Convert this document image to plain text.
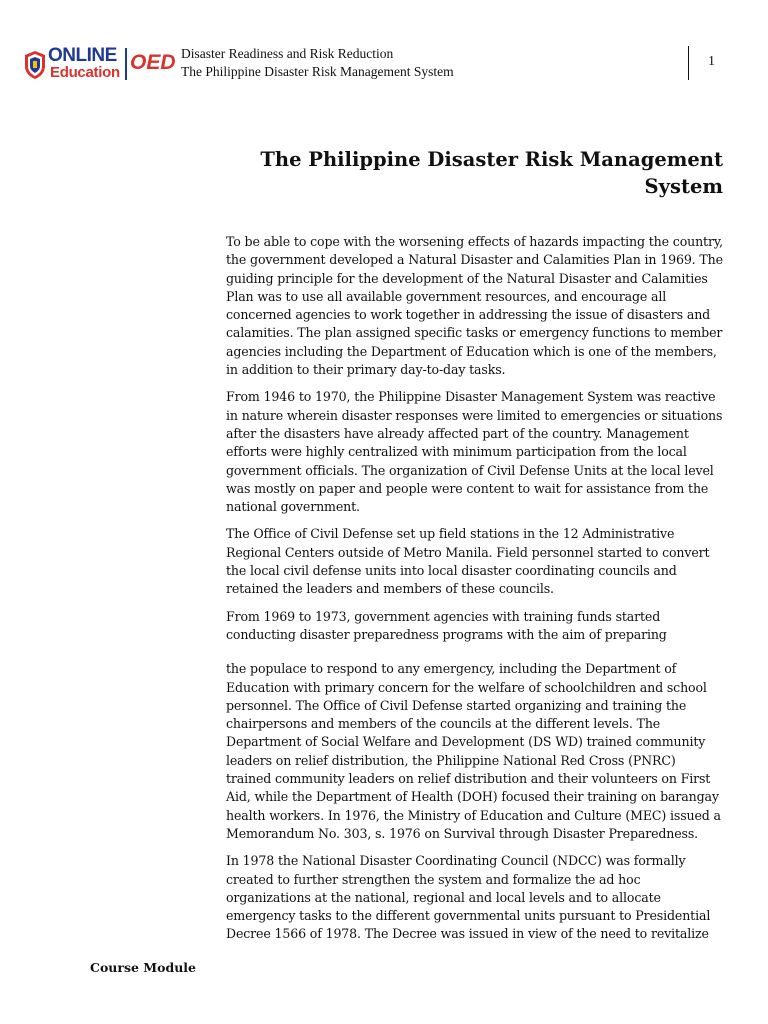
ONLINE
Education OED Disaster Readiness and Risk Reduction
The Philippine Disaster Risk Management System
1
The Philippine Disaster Risk Management
System

To be able to cope with the worsening effects of hazards impacting the country, the government developed a Natural Disaster and Calamities Plan in 1969. The guiding principle for the development of the Natural Disaster and Calamities Plan was to use all available government resources, and encourage all concerned agencies to work together in addressing the issue of disasters and calamities. The plan assigned specific tasks or emergency functions to member agencies including the Department of Education which is one of the members, in addition to their primary day-to-day tasks.

From 1946 to 1970, the Philippine Disaster Management System was reactive in nature wherein disaster responses were limited to emergencies or situations after the disasters have already affected part of the country. Management efforts were highly centralized with minimum participation from the local government officials. The organization of Civil Defense Units at the local level was mostly on paper and people were content to wait for assistance from the national government.

The Office of Civil Defense set up field stations in the 12 Administrative Regional Centers outside of Metro Manila. Field personnel started to convert the local civil defense units into local disaster coordinating councils and retained the leaders and members of these councils.

From 1969 to 1973, government agencies with training funds started conducting disaster preparedness programs with the aim of preparing

the populace to respond to any emergency, including the Department of Education with primary concern for the welfare of schoolchildren and school personnel. The Office of Civil Defense started organizing and training the chairpersons and members of the councils at the different levels. The Department of Social Welfare and Development (DS WD) trained community leaders on relief distribution, the Philippine National Red Cross (PNRC) trained community leaders on relief distribution and their volunteers on First Aid, while the Department of Health (DOH) focused their training on barangay health workers. In 1976, the Ministry of Education and Culture (MEC) issued a Memorandum No. 303, s. 1976 on Survival through Disaster Preparedness.

In 1978 the National Disaster Coordinating Council (NDCC) was formally created to further strengthen the system and formalize the ad hoc organizations at the national, regional and local levels and to allocate emergency tasks to the different governmental units pursuant to Presidential Decree 1566 of 1978. The Decree was issued in view of the need to revitalize

Course Module
